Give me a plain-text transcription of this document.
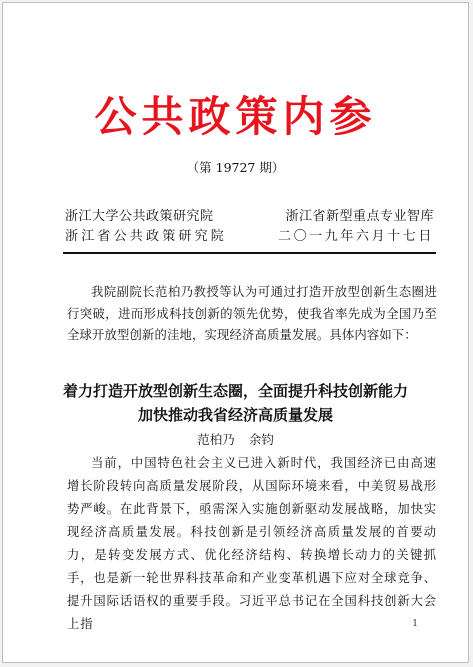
公共政策内参
（第 19727 期）
浙江大学公共政策研究院	浙江省新型重点专业智库
浙江省公共政策研究院	二〇一九年六月十七日

我院副院长范柏乃教授等认为可通过打造开放型创新生态圈进行突破，进而形成科技创新的领先优势，使我省率先成为全国乃至全球开放型创新的洼地，实现经济高质量发展。具体内容如下：

着力打造开放型创新生态圈，全面提升科技创新能力
加快推动我省经济高质量发展
范柏乃 余钧

当前，中国特色社会主义已进入新时代，我国经济已由高速增长阶段转向高质量发展阶段，从国际环境来看，中美贸易战形势严峻。在此背景下，亟需深入实施创新驱动发展战略，加快实现经济高质量发展。科技创新是引领经济高质量发展的首要动力，是转变发展方式、优化经济结构、转换增长动力的关键抓手，也是新一轮世界科技革命和产业变革机遇下应对全球竞争、提升国际话语权的重要手段。习近平总书记在全国科技创新大会上指	1
